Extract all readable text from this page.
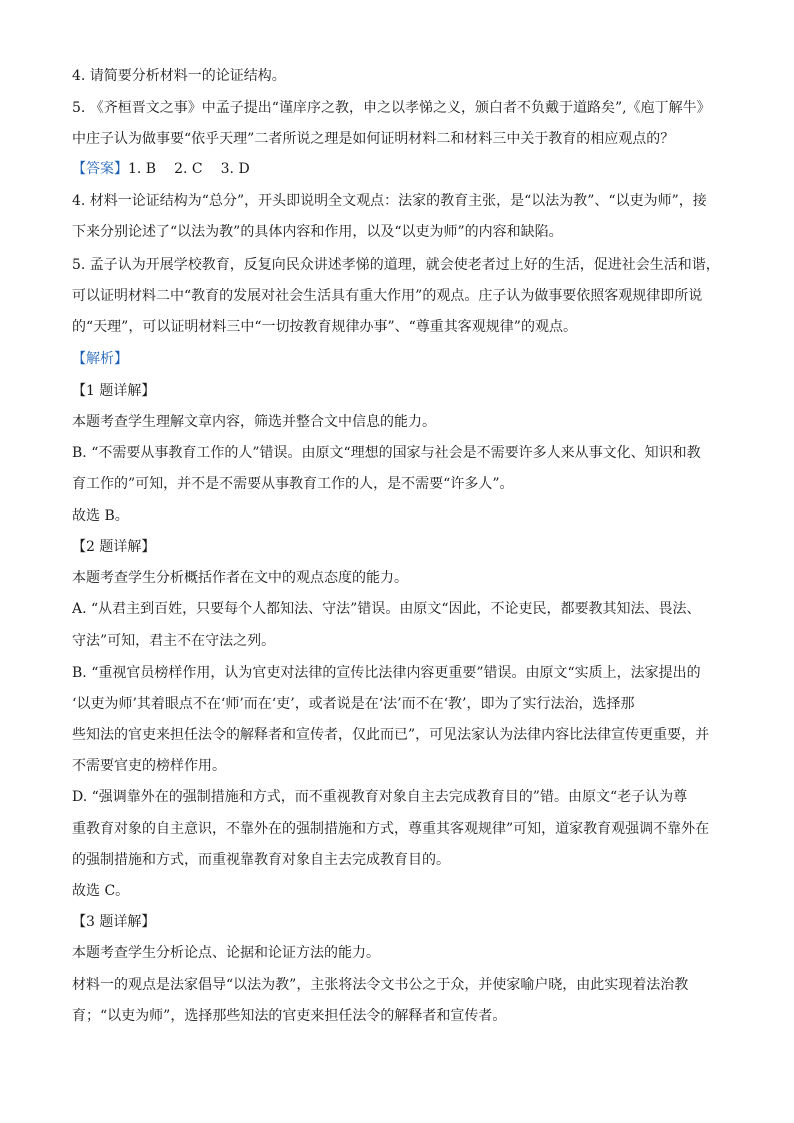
4. 请简要分析材料一的论证结构。
5. 《齐桓晋文之事》中孟子提出“谨庠序之教，申之以孝悌之义，颁白者不负戴于道路矣”,《庖丁解牛》
中庄子认为做事要“依乎天理”二者所说之理是如何证明材料二和材料三中关于教育的相应观点的？
【答案】1. B 2. C 3. D
4. 材料一论证结构为“总分”，开头即说明全文观点：法家的教育主张，是“以法为教”、“以吏为师”，接
下来分别论述了“以法为教”的具体内容和作用，以及“以吏为师”的内容和缺陷。
5. 孟子认为开展学校教育，反复向民众讲述孝悌的道理，就会使老者过上好的生活，促进社会生活和谐，
可以证明材料二中“教育的发展对社会生活具有重大作用”的观点。庄子认为做事要依照客观规律即所说
的“天理”，可以证明材料三中“一切按教育规律办事”、“尊重其客观规律”的观点。
【解析】
【1 题详解】
本题考查学生理解文章内容，筛选并整合文中信息的能力。
B. “不需要从事教育工作的人”错误。由原文“理想的国家与社会是不需要许多人来从事文化、知识和教
育工作的”可知，并不是不需要从事教育工作的人，是不需要“许多人”。
故选 B。
【2 题详解】
本题考查学生分析概括作者在文中的观点态度的能力。
A. “从君主到百姓，只要每个人都知法、守法”错误。由原文“因此，不论吏民，都要教其知法、畏法、
守法”可知，君主不在守法之列。
B. “重视官员榜样作用，认为官吏对法律的宣传比法律内容更重要”错误。由原文“实质上，法家提出的
‘以吏为师’其着眼点不在‘师’而在‘吏’，或者说是在‘法’而不在‘教’，即为了实行法治，选择那
些知法的官吏来担任法令的解释者和宣传者，仅此而已”，可见法家认为法律内容比法律宣传更重要，并
不需要官吏的榜样作用。
D. “强调靠外在的强制措施和方式，而不重视教育对象自主去完成教育目的”错。由原文“老子认为尊
重教育对象的自主意识，不靠外在的强制措施和方式，尊重其客观规律”可知，道家教育观强调不靠外在
的强制措施和方式，而重视靠教育对象自主去完成教育目的。
故选 C。
【3 题详解】
本题考查学生分析论点、论据和论证方法的能力。
材料一的观点是法家倡导“以法为教”，主张将法令文书公之于众，并使家喻户晓，由此实现着法治教
育；“以吏为师”，选择那些知法的官吏来担任法令的解释者和宣传者。
